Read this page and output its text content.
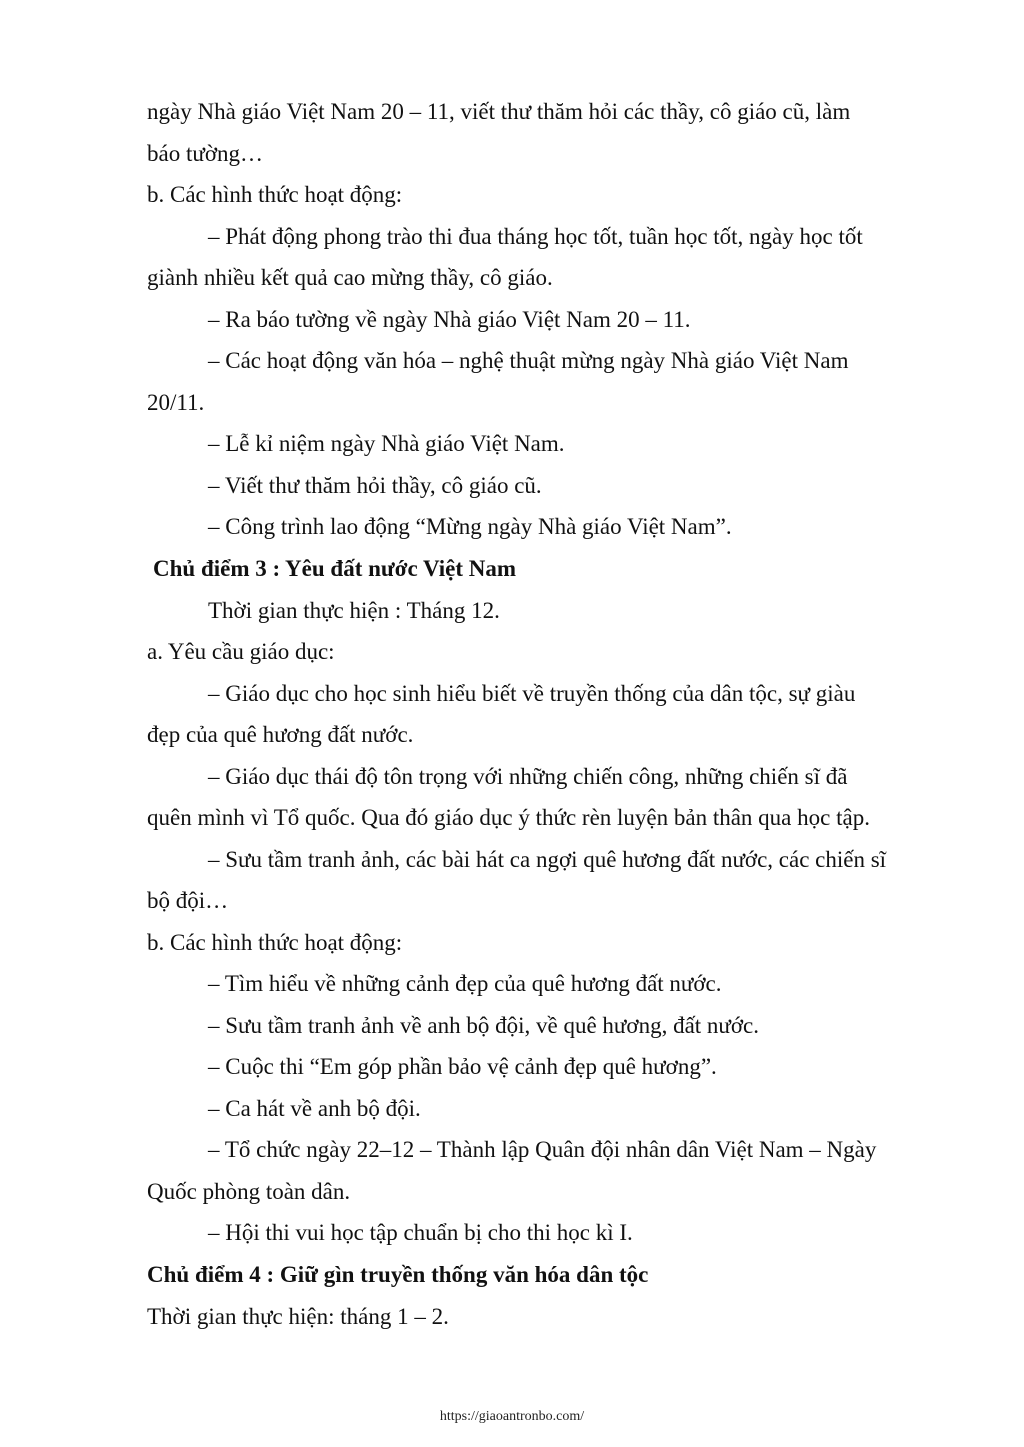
ngày Nhà giáo Việt Nam 20 – 11, viết thư thăm hỏi các thầy, cô giáo cũ, làm
báo tường…
b. Các hình thức hoạt động:
– Phát động phong trào thi đua tháng học tốt, tuần học tốt, ngày học tốt
giành nhiều kết quả cao mừng thầy, cô giáo.
– Ra báo tường về ngày Nhà giáo Việt Nam 20 – 11.
– Các hoạt động văn hóa – nghệ thuật mừng ngày Nhà giáo Việt Nam
20/11.
– Lễ kỉ niệm ngày Nhà giáo Việt Nam.
– Viết thư thăm hỏi thầy, cô giáo cũ.
– Công trình lao động “Mừng ngày Nhà giáo Việt Nam”.
Chủ điểm 3 : Yêu đất nước Việt Nam
Thời gian thực hiện : Tháng 12.
a. Yêu cầu giáo dục:
– Giáo dục cho học sinh hiểu biết về truyền thống của dân tộc, sự giàu
đẹp của quê hương đất nước.
– Giáo dục thái độ tôn trọng với những chiến công, những chiến sĩ đã
quên mình vì Tổ quốc. Qua đó giáo dục ý thức rèn luyện bản thân qua học tập.
– Sưu tầm tranh ảnh, các bài hát ca ngợi quê hương đất nước, các chiến sĩ
bộ đội…
b. Các hình thức hoạt động:
– Tìm hiểu về những cảnh đẹp của quê hương đất nước.
– Sưu tầm tranh ảnh về anh bộ đội, về quê hương, đất nước.
– Cuộc thi “Em góp phần bảo vệ cảnh đẹp quê hương”.
– Ca hát về anh bộ đội.
– Tổ chức ngày 22–12 – Thành lập Quân đội nhân dân Việt Nam – Ngày
Quốc phòng toàn dân.
– Hội thi vui học tập chuẩn bị cho thi học kì I.
Chủ điểm 4 : Giữ gìn truyền thống văn hóa dân tộc
Thời gian thực hiện: tháng 1 – 2.
https://giaoantronbo.com/
